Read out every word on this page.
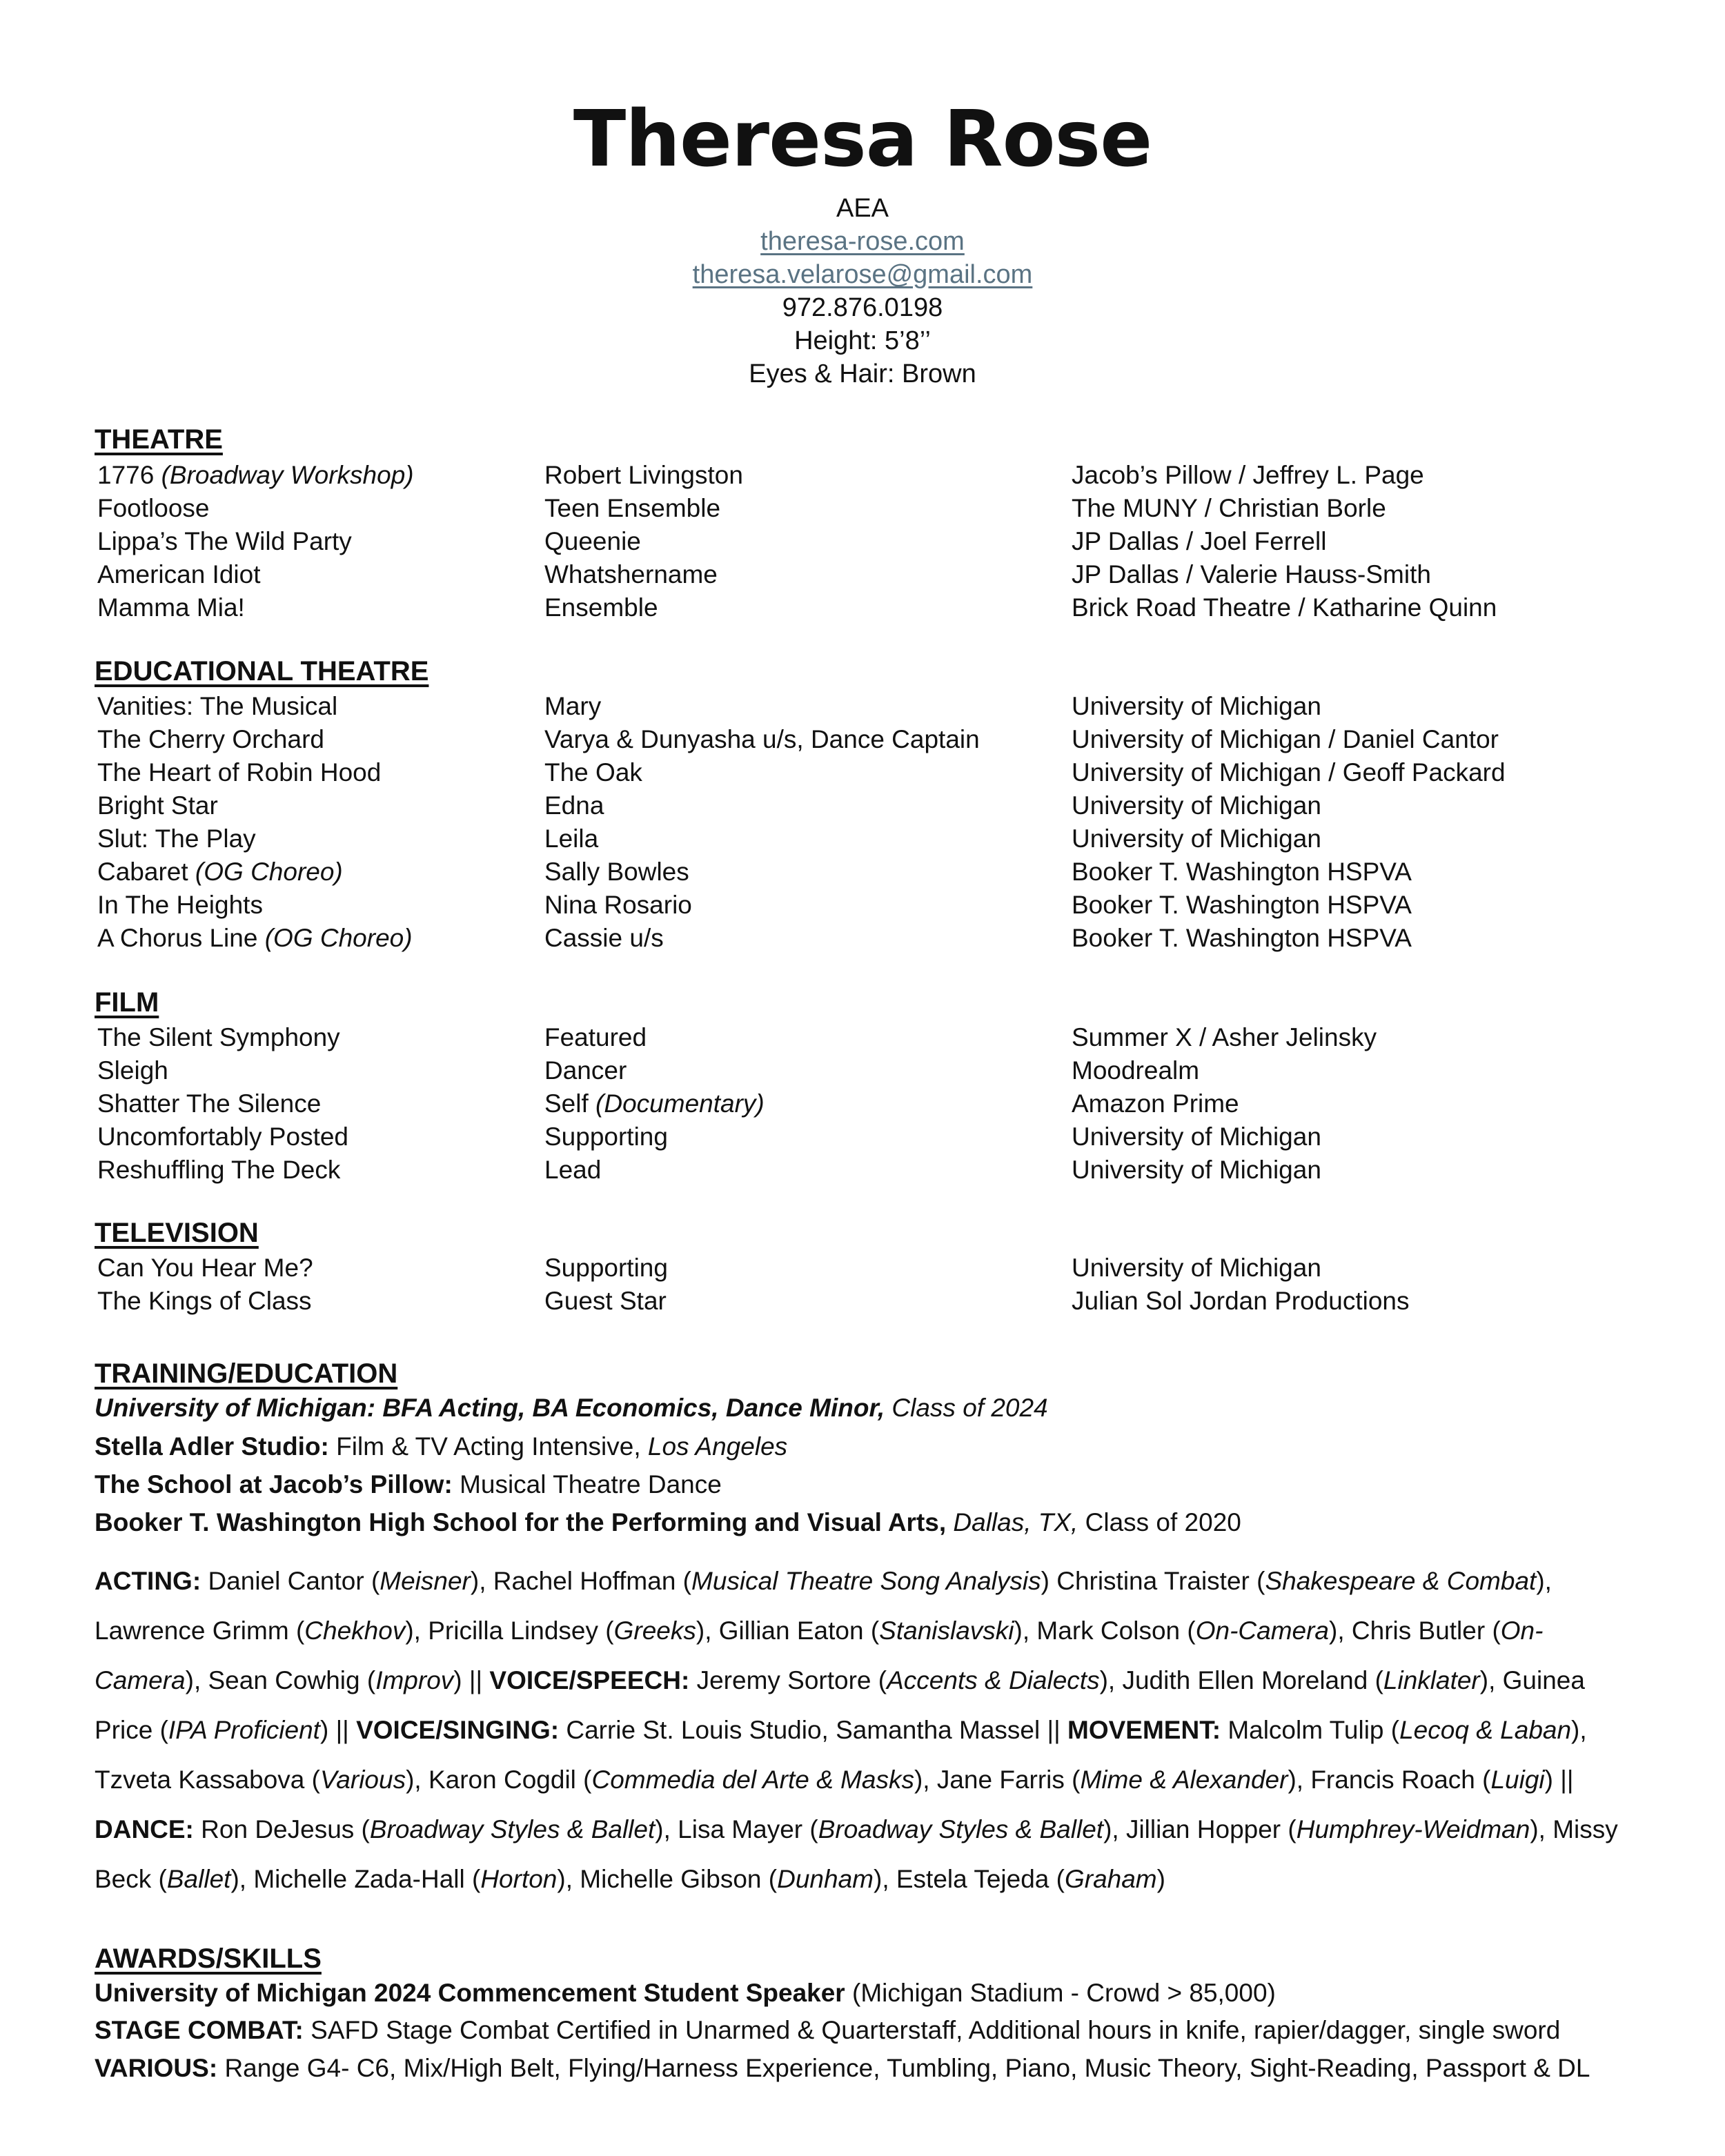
Theresa Rose
AEA
theresa-rose.com
theresa.velarose@gmail.com
972.876.0198
Height: 5’8’’
Eyes & Hair: Brown
THEATRE
1776 (Broadway Workshop)	Robert Livingston	Jacob’s Pillow / Jeffrey L. Page
Footloose	Teen Ensemble	The MUNY / Christian Borle
Lippa’s The Wild Party	Queenie	JP Dallas / Joel Ferrell
American Idiot	Whatshername	JP Dallas / Valerie Hauss-Smith
Mamma Mia!	Ensemble	Brick Road Theatre / Katharine Quinn
EDUCATIONAL THEATRE
Vanities: The Musical	Mary	University of Michigan
The Cherry Orchard	Varya & Dunyasha u/s, Dance Captain	University of Michigan / Daniel Cantor
The Heart of Robin Hood	The Oak	University of Michigan / Geoff Packard
Bright Star	Edna	University of Michigan
Slut: The Play	Leila	University of Michigan
Cabaret (OG Choreo)	Sally Bowles	Booker T. Washington HSPVA
In The Heights	Nina Rosario	Booker T. Washington HSPVA
A Chorus Line (OG Choreo)	Cassie u/s	Booker T. Washington HSPVA
FILM
The Silent Symphony	Featured	Summer X / Asher Jelinsky
Sleigh	Dancer	Moodrealm
Shatter The Silence	Self (Documentary)	Amazon Prime
Uncomfortably Posted	Supporting	University of Michigan
Reshuffling The Deck	Lead	University of Michigan
TELEVISION
Can You Hear Me?	Supporting	University of Michigan
The Kings of Class	Guest Star	Julian Sol Jordan Productions
TRAINING/EDUCATION
University of Michigan: BFA Acting, BA Economics, Dance Minor, Class of 2024
Stella Adler Studio: Film & TV Acting Intensive, Los Angeles
The School at Jacob’s Pillow: Musical Theatre Dance
Booker T. Washington High School for the Performing and Visual Arts, Dallas, TX, Class of 2020
ACTING: Daniel Cantor (Meisner), Rachel Hoffman (Musical Theatre Song Analysis) Christina Traister (Shakespeare & Combat), Lawrence Grimm (Chekhov), Pricilla Lindsey (Greeks), Gillian Eaton (Stanislavski), Mark Colson (On-Camera), Chris Butler (On-Camera), Sean Cowhig (Improv) || VOICE/SPEECH: Jeremy Sortore (Accents & Dialects), Judith Ellen Moreland (Linklater), Guinea Price (IPA Proficient) || VOICE/SINGING: Carrie St. Louis Studio, Samantha Massel || MOVEMENT: Malcolm Tulip (Lecoq & Laban), Tzveta Kassabova (Various), Karon Cogdil (Commedia del Arte & Masks), Jane Farris (Mime & Alexander), Francis Roach (Luigi) || DANCE: Ron DeJesus (Broadway Styles & Ballet), Lisa Mayer (Broadway Styles & Ballet), Jillian Hopper (Humphrey-Weidman), Missy Beck (Ballet), Michelle Zada-Hall (Horton), Michelle Gibson (Dunham), Estela Tejeda (Graham)
AWARDS/SKILLS
University of Michigan 2024 Commencement Student Speaker (Michigan Stadium - Crowd > 85,000)
STAGE COMBAT: SAFD Stage Combat Certified in Unarmed & Quarterstaff, Additional hours in knife, rapier/dagger, single sword
VARIOUS: Range G4- C6, Mix/High Belt, Flying/Harness Experience, Tumbling, Piano, Music Theory, Sight-Reading, Passport & DL
